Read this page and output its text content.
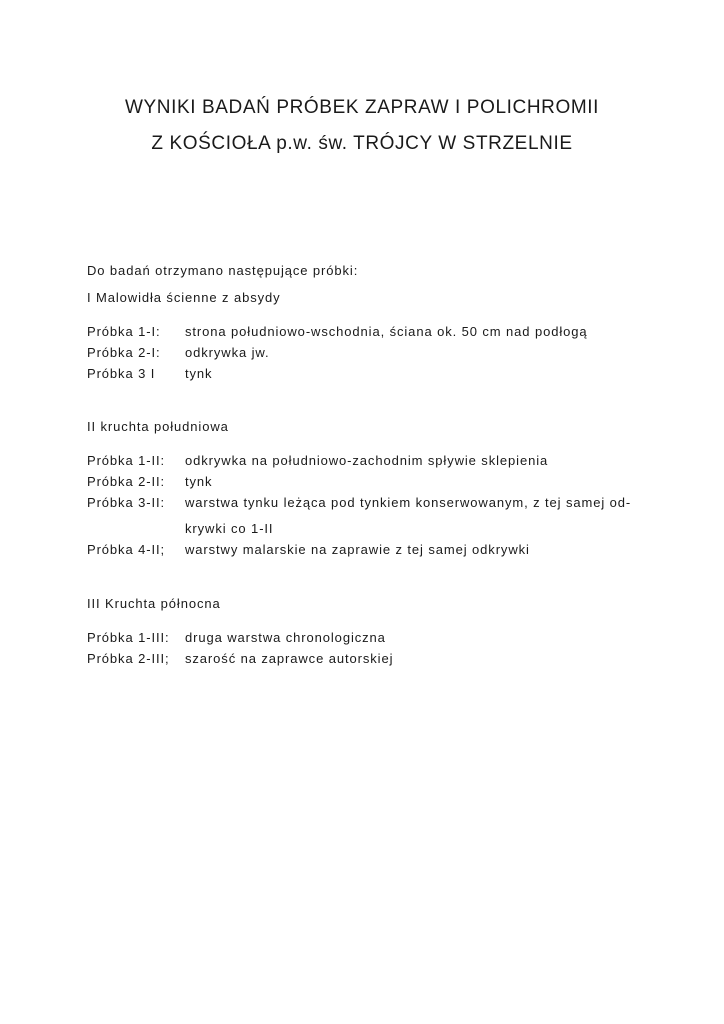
WYNIKI BADAŃ PRÓBEK ZAPRAW I POLICHROMII
Z KOŚCIOŁA p.w. św. TRÓJCY W STRZELNIE
Do badań otrzymano następujące próbki:
I Malowidła ścienne z absydy
Próbka 1-I: strona południowo-wschodnia, ściana ok. 50 cm nad podłogą
Próbka 2-I: odkrywka jw.
Próbka 3 I tynk
II kruchta południowa
Próbka 1-II: odkrywka na południowo-zachodnim spływie sklepienia
Próbka 2-II: tynk
Próbka 3-II: warstwa tynku leżąca pod tynkiem konserwowanym, z tej samej od-
krywki co 1-II
Próbka 4-II; warstwy malarskie na zaprawie z tej samej odkrywki
III Kruchta północna
Próbka 1-III: druga warstwa chronologiczna
Próbka 2-III; szarość na zaprawce autorskiej
